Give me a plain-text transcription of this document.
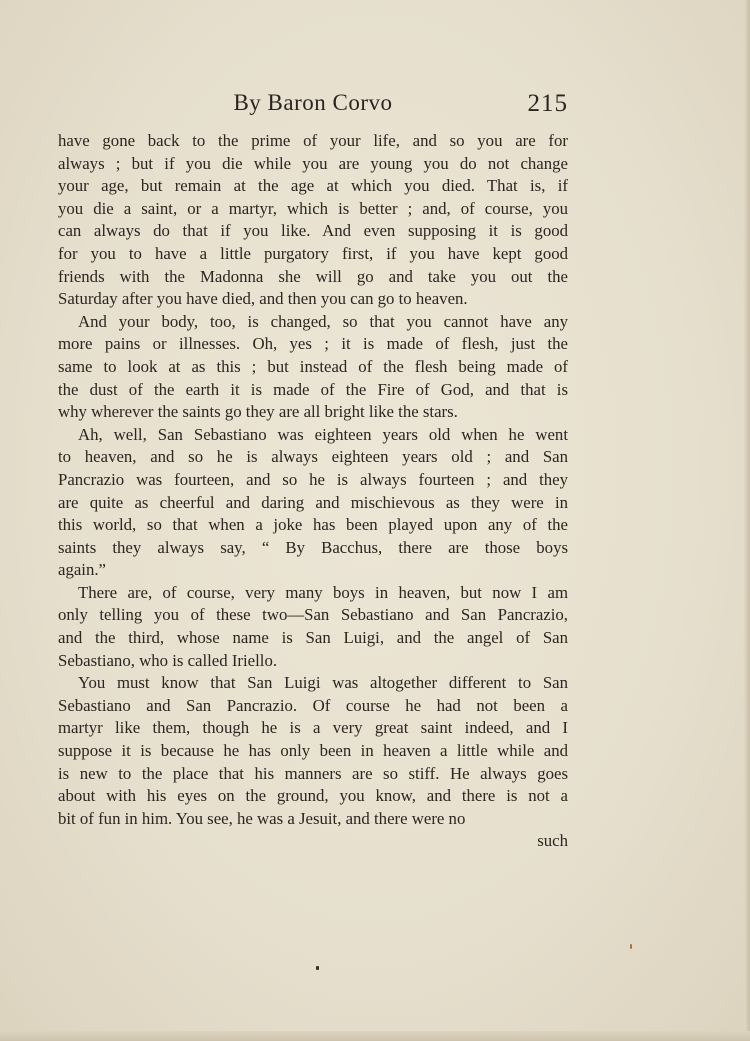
By Baron Corvo	215
have gone back to the prime of your life, and so you are for
always ; but if you die while you are young you do not change
your age, but remain at the age at which you died. That is, if
you die a saint, or a martyr, which is better ; and, of course, you
can always do that if you like. And even supposing it is good
for you to have a little purgatory first, if you have kept good
friends with the Madonna she will go and take you out the
Saturday after you have died, and then you can go to heaven.
And your body, too, is changed, so that you cannot have any
more pains or illnesses. Oh, yes ; it is made of flesh, just the
same to look at as this ; but instead of the flesh being made of
the dust of the earth it is made of the Fire of God, and that is
why wherever the saints go they are all bright like the stars.
Ah, well, San Sebastiano was eighteen years old when he went
to heaven, and so he is always eighteen years old ; and San
Pancrazio was fourteen, and so he is always fourteen ; and they
are quite as cheerful and daring and mischievous as they were in
this world, so that when a joke has been played upon any of the
saints they always say, “ By Bacchus, there are those boys
again.”
There are, of course, very many boys in heaven, but now I am
only telling you of these two—San Sebastiano and San Pancrazio,
and the third, whose name is San Luigi, and the angel of San
Sebastiano, who is called Iriello.
You must know that San Luigi was altogether different to San
Sebastiano and San Pancrazio. Of course he had not been a
martyr like them, though he is a very great saint indeed, and I
suppose it is because he has only been in heaven a little while and
is new to the place that his manners are so stiff. He always goes
about with his eyes on the ground, you know, and there is not a
bit of fun in him. You see, he was a Jesuit, and there were no
such
